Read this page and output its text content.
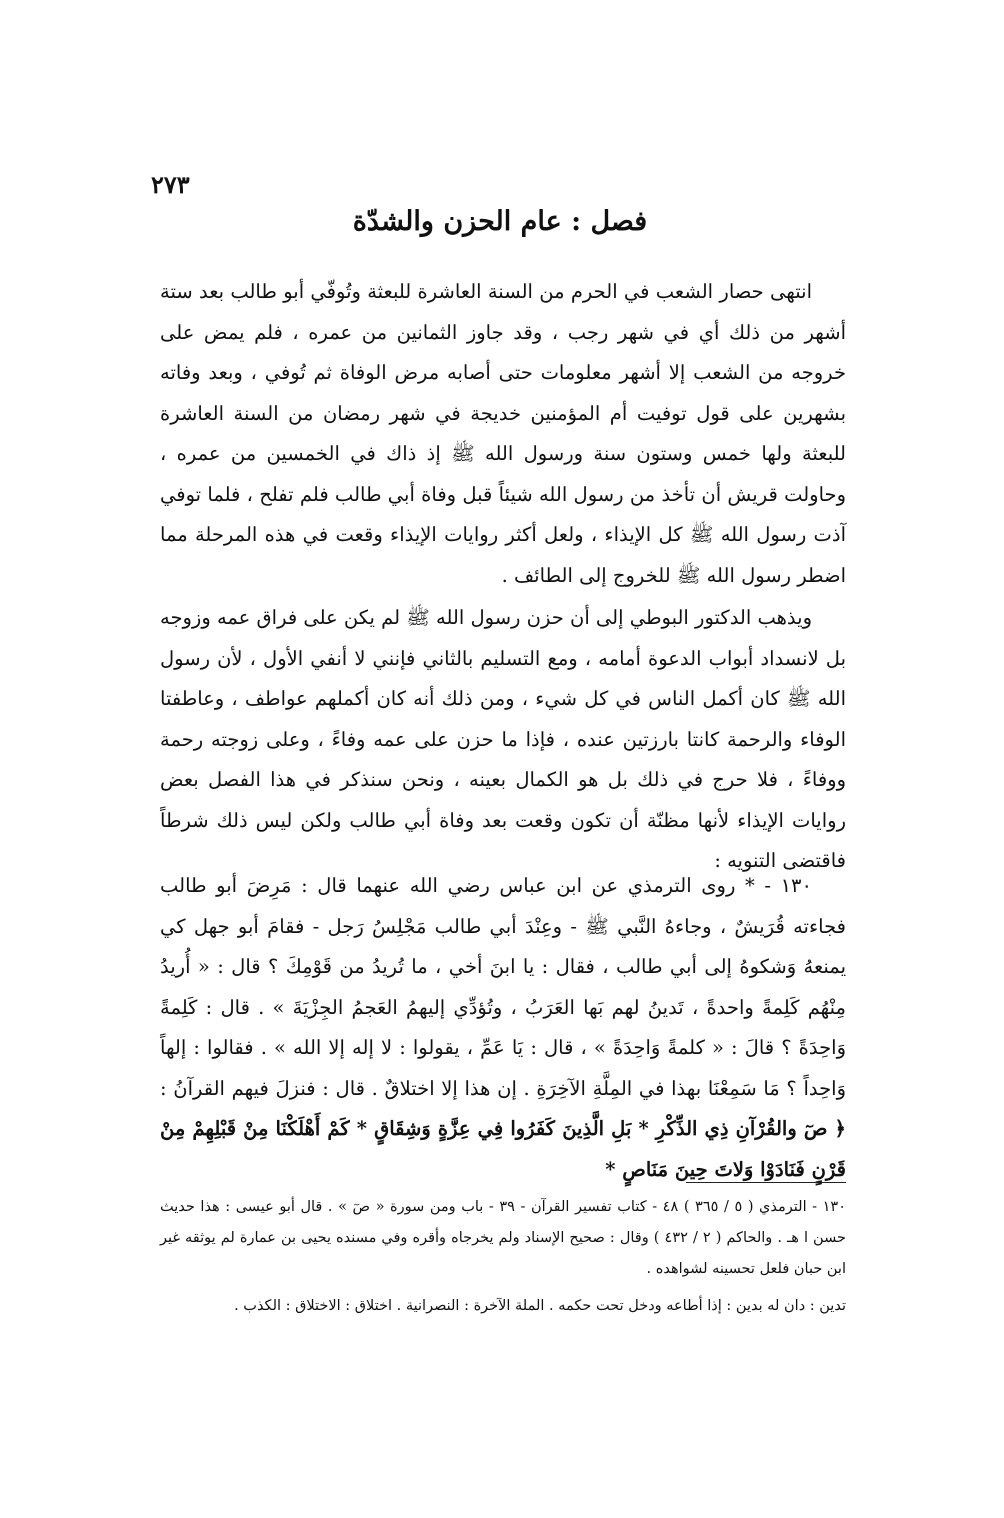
٢٧٣
فصل : عام الحزن والشدّة

انتهى حصار الشعب في الحرم من السنة العاشرة للبعثة وتُوفّي أبو طالب بعد ستة أشهر من ذلك أي في شهر رجب ، وقد جاوز الثمانين من عمره ، فلم يمض على خروجه من الشعب إلا أشهر معلومات حتى أصابه مرض الوفاة ثم تُوفي ، وبعد وفاته بشهرين على قول توفيت أم المؤمنين خديجة في شهر رمضان من السنة العاشرة للبعثة ولها خمس وستون سنة ورسول الله ﷺ إذ ذاك في الخمسين من عمره ، وحاولت قريش أن تأخذ من رسول الله شيئاً قبل وفاة أبي طالب فلم تفلح ، فلما توفي آذت رسول الله ﷺ كل الإيذاء ، ولعل أكثر روايات الإيذاء وقعت في هذه المرحلة مما اضطر رسول الله ﷺ للخروج إلى الطائف .

ويذهب الدكتور البوطي إلى أن حزن رسول الله ﷺ لم يكن على فراق عمه وزوجه بل لانسداد أبواب الدعوة أمامه ، ومع التسليم بالثاني فإنني لا أنفي الأول ، لأن رسول الله ﷺ كان أكمل الناس في كل شيء ، ومن ذلك أنه كان أكملهم عواطف ، وعاطفتا الوفاء والرحمة كانتا بارزتين عنده ، فإذا ما حزن على عمه وفاءً ، وعلى زوجته رحمة ووفاءً ، فلا حرج في ذلك بل هو الكمال بعينه ، ونحن سنذكر في هذا الفصل بعض روايات الإيذاء لأنها مظنّة أن تكون وقعت بعد وفاة أبي طالب ولكن ليس ذلك شرطاً فاقتضى التنويه :

١٣٠ - * روى الترمذي عن ابن عباس رضي الله عنهما قال : مَرِضَ أبو طالب فجاءته قُرَيشٌ ، وجاءهُ النَّبي ﷺ - وعِنْدَ أبي طالب مَجْلِسُ رَجل - فقامَ أبو جهل كي يمنعهُ وَشكوهُ إلى أبي طالب ، فقال : يا ابنَ أخي ، ما تُريدُ من قَوْمِكَ ؟ قال : « أُريدُ مِنْهُم كَلِمةً واحدةً ، تَدينُ لهم بَها العَرَبُ ، وتُؤدِّي إليهمُ العَجمُ الجِزْيَةَ » . قال : كَلِمةً وَاحِدَةً ؟ قالَ : « كلمةً وَاحِدَةً » ، قال : يَا عَمِّ ، يقولوا : لا إله إلا الله » . فقالوا : إلهاً وَاحِداً ؟ مَا سَمِعْنَا بهذا في المِلَّةِ الآخِرَةِ . إن هذا إلا اختلاقٌ . قال : فنزلَ فيهم القرآنُ : ﴿ صٓ والقُرْآنِ ذِي الذِّكْرِ * بَلِ الَّذِينَ كَفَرُوا فِي عِزَّةٍ وَشِقَاقٍ * كَمْ أَهْلَكْنَا مِنْ قَبْلِهِمْ مِنْ قَرْنٍ فَنَادَوْا وَلاتَ حِينَ مَنَاصٍ *

١٣٠ - الترمذي ( ٥ / ٣٦٥ ) ٤٨ - كتاب تفسير القرآن - ٣٩ - باب ومن سورة « صٓ » . قال أبو عيسى : هذا حديث حسن ا هـ . والحاكم ( ٢ / ٤٣٢ ) وقال : صحيح الإسناد ولم يخرجاه وأقره وفي مسنده يحيى بن عمارة لم يوثقه غير ابن حبان فلعل تحسينه لشواهده .

تدين : دان له بدين : إذا أطاعه ودخل تحت حكمه . الملة الآخرة : النصرانية . اختلاق : الاختلاق : الكذب .
